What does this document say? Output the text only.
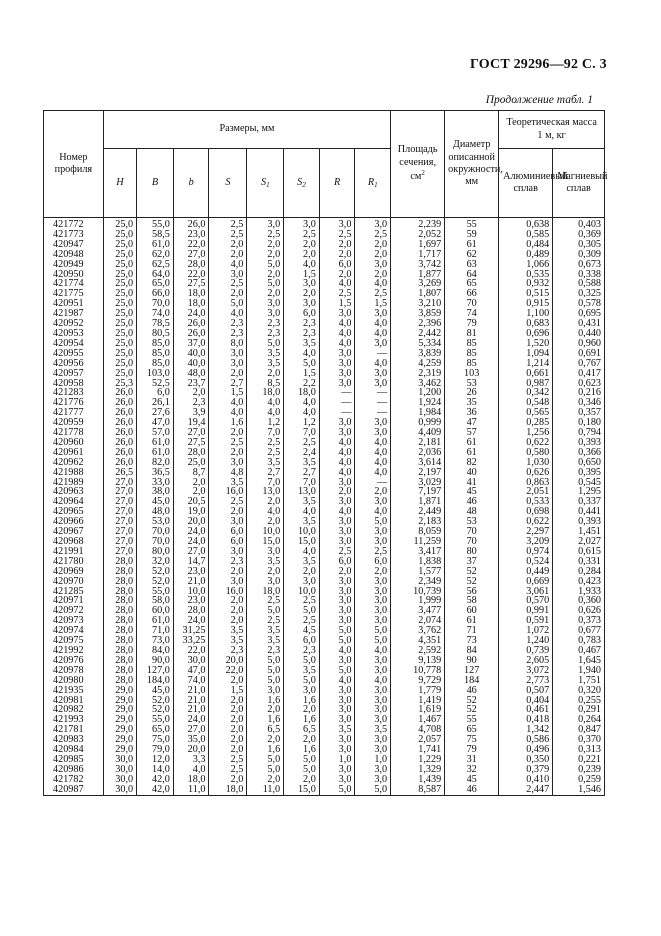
ГОСТ 29296—92 С. 3
Продолжение табл. 1
Номер профиля	Размеры, мм								Площадь сечения,
$см^2$	Диаметр описанной окружности, мм	Теоретическая масса 1 м, кг	
	H	B	b	S	$S_1$	$S_2$	R	$R_1$			Алюминиевый сплав	Магниевый сплав
421772	25,0	55,0	26,0	2,5	3,0	3,0	3,0	3,0	2,239	55	0,638	0,403
421773	25,0	58,5	23,0	2,5	2,5	2,5	2,5	2,5	2,052	59	0,585	0,369
420947	25,0	61,0	22,0	2,0	2,0	2,0	2,0	2,0	1,697	61	0,484	0,305
420948	25,0	62,0	27,0	2,0	2,0	2,0	2,0	2,0	1,717	62	0,489	0,309
420949	25,0	62,5	28,0	4,0	5,0	4,0	6,0	3,0	3,742	63	1,066	0,673
420950	25,0	64,0	22,0	3,0	2,0	1,5	2,0	2,0	1,877	64	0,535	0,338
421774	25,0	65,0	27,5	2,5	5,0	3,0	4,0	4,0	3,269	65	0,932	0,588
421775	25,0	66,0	18,0	2,0	2,0	2,0	2,5	2,5	1,807	66	0,515	0,325
420951	25,0	70,0	18,0	5,0	3,0	3,0	1,5	1,5	3,210	70	0,915	0,578
421987	25,0	74,0	24,0	4,0	3,0	6,0	3,0	3,0	3,859	74	1,100	0,695
420952	25,0	78,5	26,0	2,3	2,3	2,3	4,0	4,0	2,396	79	0,683	0,431
420953	25,0	80,5	26,0	2,3	2,3	2,3	4,0	4,0	2,442	81	0,696	0,440
420954	25,0	85,0	37,0	8,0	5,0	3,5	4,0	3,0	5,334	85	1,520	0,960
420955	25,0	85,0	40,0	3,0	3,5	4,0	3,0	—	3,839	85	1,094	0,691
420956	25,0	85,0	40,0	3,0	3,5	5,0	3,0	4,0	4,259	85	1,214	0,767
420957	25,0	103,0	48,0	2,0	2,0	1,5	3,0	3,0	2,319	103	0,661	0,417
420958	25,3	52,5	23,7	2,7	8,5	2,2	3,0	3,0	3,462	53	0,987	0,623
421283	26,0	6,0	2,0	1,5	18,0	18,0	—	—	1,200	26	0,342	0,216
421776	26,0	26,1	2,3	4,0	4,0	4,0	—	—	1,924	35	0,548	0,346
421777	26,0	27,6	3,9	4,0	4,0	4,0	—	—	1,984	36	0,565	0,357
420959	26,0	47,0	19,4	1,6	1,2	1,2	3,0	3,0	0,999	47	0,285	0,180
421778	26,0	57,0	27,0	2,0	7,0	7,0	3,0	3,0	4,409	57	1,256	0,794
420960	26,0	61,0	27,5	2,5	2,5	2,5	4,0	4,0	2,181	61	0,622	0,393
420961	26,0	61,0	28,0	2,0	2,5	2,4	4,0	4,0	2,036	61	0,580	0,366
420962	26,0	82,0	25,0	3,0	3,5	3,5	4,0	4,0	3,614	82	1,030	0,650
421988	26,5	36,5	8,7	4,8	2,7	2,7	4,0	4,0	2,197	40	0,626	0,395
421989	27,0	33,0	2,0	3,5	7,0	7,0	3,0	—	3,029	41	0,863	0,545
420963	27,0	38,0	2,0	16,0	13,0	13,0	2,0	2,0	7,197	45	2,051	1,295
420964	27,0	45,0	20,5	2,5	2,0	3,5	3,0	3,0	1,871	46	0,533	0,337
420965	27,0	48,0	19,0	2,0	4,0	4,0	4,0	4,0	2,449	48	0,698	0,441
420966	27,0	53,0	20,0	3,0	2,0	3,5	3,0	5,0	2,183	53	0,622	0,393
420967	27,0	70,0	24,0	6,0	10,0	10,0	3,0	3,0	8,059	70	2,297	1,451
420968	27,0	70,0	24,0	6,0	15,0	15,0	3,0	3,0	11,259	70	3,209	2,027
421991	27,0	80,0	27,0	3,0	3,0	4,0	2,5	2,5	3,417	80	0,974	0,615
421780	28,0	32,0	14,7	2,3	3,5	3,5	6,0	6,0	1,838	37	0,524	0,331
420969	28,0	52,0	23,0	2,0	2,0	2,0	2,0	2,0	1,577	52	0,449	0,284
420970	28,0	52,0	21,0	3,0	3,0	3,0	3,0	3,0	2,349	52	0,669	0,423
421285	28,0	55,0	10,0	16,0	18,0	10,0	3,0	3,0	10,739	56	3,061	1,933
420971	28,0	58,0	23,0	2,0	2,5	2,5	3,0	3,0	1,999	58	0,570	0,360
420972	28,0	60,0	28,0	2,0	5,0	5,0	3,0	3,0	3,477	60	0,991	0,626
420973	28,0	61,0	24,0	2,0	2,5	2,5	3,0	3,0	2,074	61	0,591	0,373
420974	28,0	71,0	31,25	3,5	3,5	4,5	5,0	5,0	3,762	71	1,072	0,677
420975	28,0	73,0	33,25	3,5	3,5	6,0	5,0	5,0	4,351	73	1,240	0,783
421992	28,0	84,0	22,0	2,3	2,3	2,3	4,0	4,0	2,592	84	0,739	0,467
420976	28,0	90,0	30,0	20,0	5,0	5,0	3,0	3,0	9,139	90	2,605	1,645
420978	28,0	127,0	47,0	22,0	5,0	3,5	5,0	3,0	10,778	127	3,072	1,940
420980	28,0	184,0	74,0	2,0	5,0	5,0	4,0	4,0	9,729	184	2,773	1,751
421935	29,0	45,0	21,0	1,5	3,0	3,0	3,0	3,0	1,779	46	0,507	0,320
420981	29,0	52,0	21,0	2,0	1,6	1,6	3,0	3,0	1,419	52	0,404	0,255
420982	29,0	52,0	21,0	2,0	2,0	2,0	3,0	3,0	1,619	52	0,461	0,291
421993	29,0	55,0	24,0	2,0	1,6	1,6	3,0	3,0	1,467	55	0,418	0,264
421781	29,0	65,0	27,0	2,0	6,5	6,5	3,5	3,5	4,708	65	1,342	0,847
420983	29,0	75,0	35,0	2,0	2,0	2,0	3,0	3,0	2,057	75	0,586	0,370
420984	29,0	79,0	20,0	2,0	1,6	1,6	3,0	3,0	1,741	79	0,496	0,313
420985	30,0	12,0	3,3	2,5	5,0	5,0	1,0	1,0	1,229	31	0,350	0,221
420986	30,0	14,0	4,0	2,5	5,0	5,0	3,0	3,0	1,329	32	0,379	0,239
421782	30,0	42,0	18,0	2,0	2,0	2,0	3,0	3,0	1,439	45	0,410	0,259
420987	30,0	42,0	11,0	18,0	11,0	15,0	5,0	5,0	8,587	46	2,447	1,546
